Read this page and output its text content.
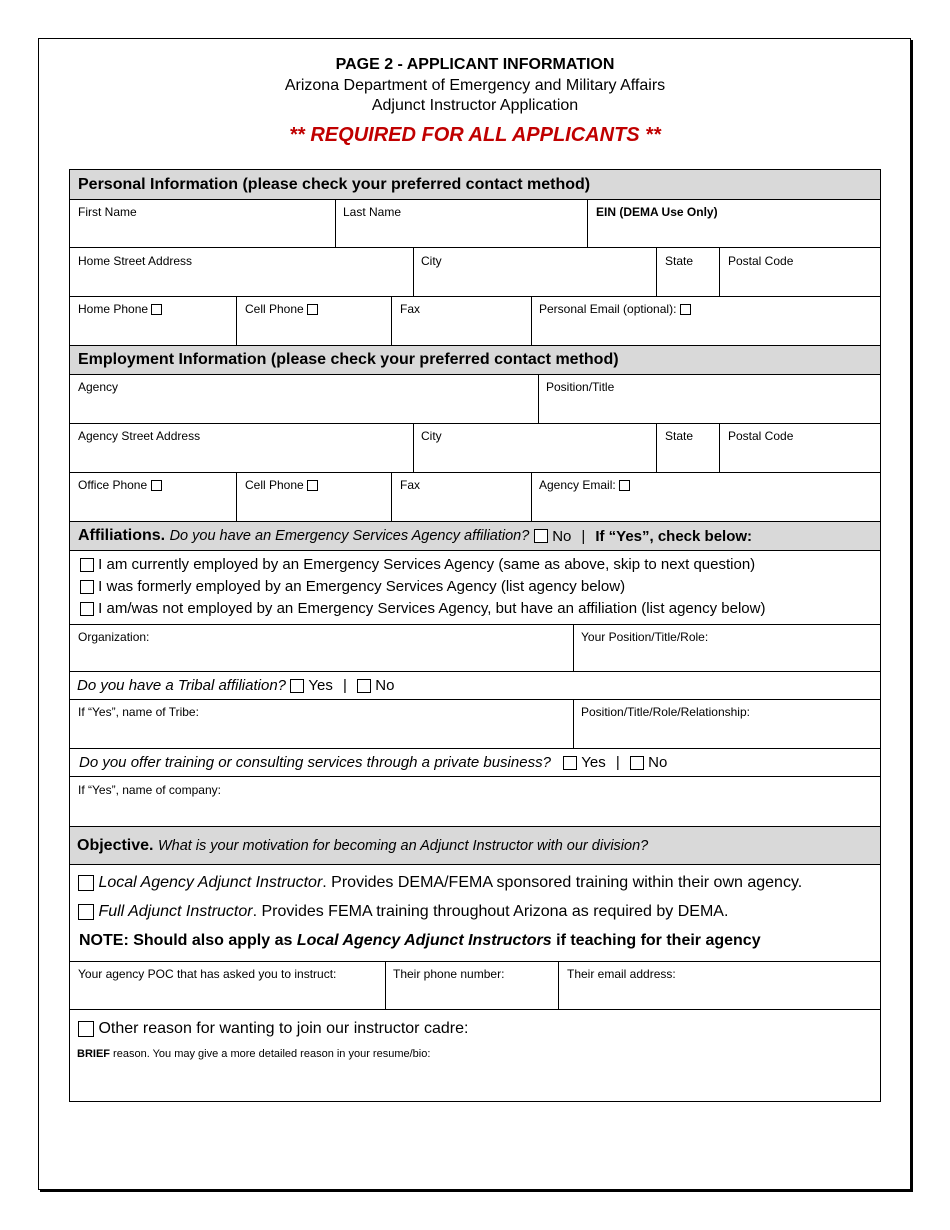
PAGE 2 - APPLICANT INFORMATION
Arizona Department of Emergency and Military Affairs
Adjunct Instructor Application
** REQUIRED FOR ALL APPLICANTS **
Personal Information (please check your preferred contact method)
First Name	Last Name	EIN (DEMA Use Only)
Home Street Address	City	State	Postal Code
Home Phone	Cell Phone	Fax	Personal Email (optional):
Employment Information (please check your preferred contact method)
Agency	Position/Title
Agency Street Address	City	State	Postal Code
Office Phone	Cell Phone	Fax	Agency Email:
Affiliations.
Do you have an Emergency Services Agency affiliation?

No | If “Yes”, check below:
I am currently employed by an Emergency Services Agency (same as above, skip to next question)
I was formerly employed by an Emergency Services Agency (list agency below)
I am/was not employed by an Emergency Services Agency, but have an affiliation (list agency below)
Organization:	Your Position/Title/Role:
Do you have a Tribal affiliation? Yes | No
If “Yes”, name of Tribe:	Position/Title/Role/Relationship:
Do you offer training or consulting services through a private business? Yes | No
If “Yes”, name of company:
Objective.
What is your motivation for becoming an Adjunct Instructor with our division?
Local Agency Adjunct Instructor. Provides DEMA/FEMA sponsored training within their own agency.
Full Adjunct Instructor. Provides FEMA training throughout Arizona as required by DEMA.
NOTE: Should also apply as Local Agency Adjunct Instructors if teaching for their agency
Your agency POC that has asked you to instruct:	Their phone number:	Their email address:
Other reason for wanting to join our instructor cadre:
BRIEF reason. You may give a more detailed reason in your resume/bio:
